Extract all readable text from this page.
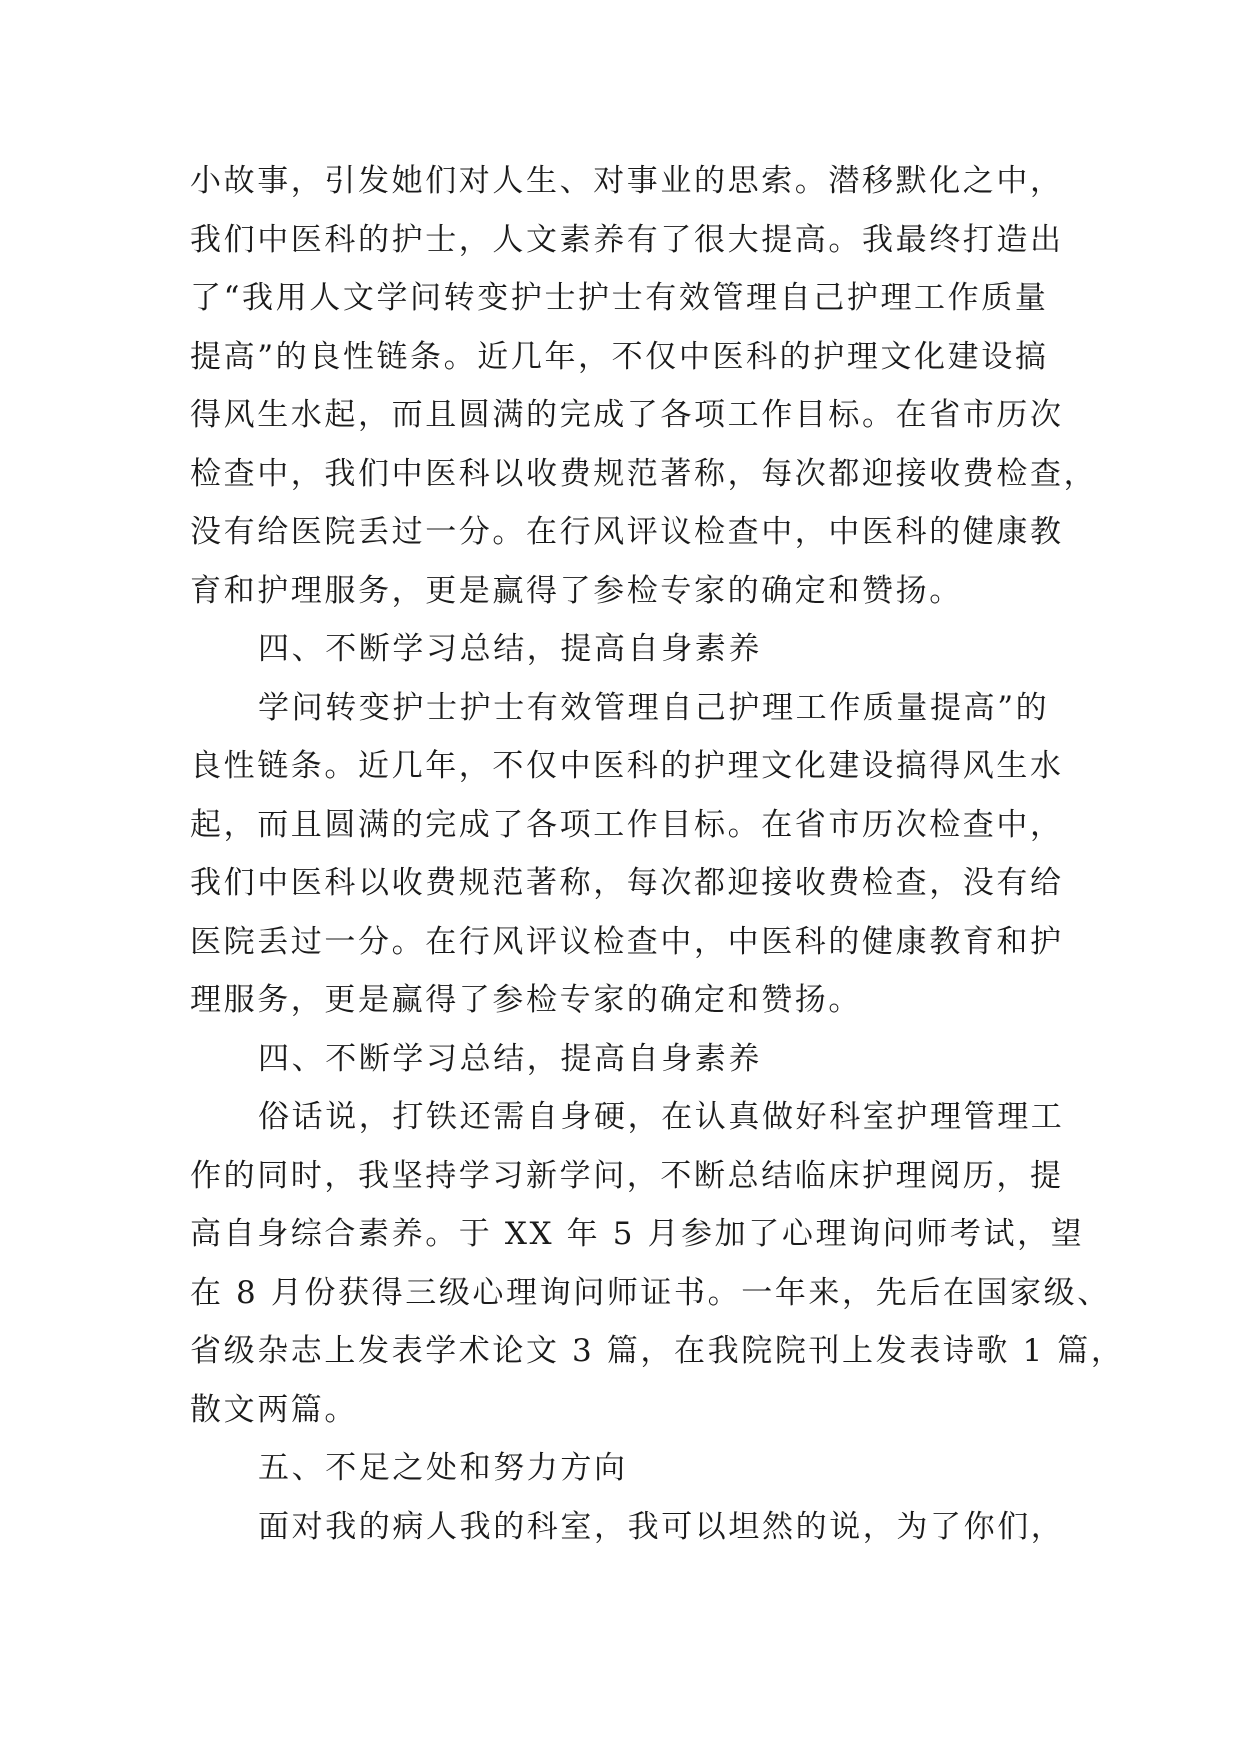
小故事，引发她们对人生、对事业的思索。潜移默化之中，
我们中医科的护士，人文素养有了很大提高。我最终打造出
了“我用人文学问转变护士护士有效管理自己护理工作质量
提高”的良性链条。近几年，不仅中医科的护理文化建设搞
得风生水起，而且圆满的完成了各项工作目标。在省市历次
检查中，我们中医科以收费规范著称，每次都迎接收费检查，
没有给医院丢过一分。在行风评议检查中，中医科的健康教
育和护理服务，更是赢得了参检专家的确定和赞扬。
四、不断学习总结，提高自身素养
学问转变护士护士有效管理自己护理工作质量提高”的
良性链条。近几年，不仅中医科的护理文化建设搞得风生水
起，而且圆满的完成了各项工作目标。在省市历次检查中，
我们中医科以收费规范著称，每次都迎接收费检查，没有给
医院丢过一分。在行风评议检查中，中医科的健康教育和护
理服务，更是赢得了参检专家的确定和赞扬。
四、不断学习总结，提高自身素养
俗话说，打铁还需自身硬，在认真做好科室护理管理工
作的同时，我坚持学习新学问，不断总结临床护理阅历，提
高自身综合素养。于 XX 年 5 月参加了心理询问师考试，望
在 8 月份获得三级心理询问师证书。一年来，先后在国家级、
省级杂志上发表学术论文 3 篇，在我院院刊上发表诗歌 1 篇，
散文两篇。
五、不足之处和努力方向
面对我的病人我的科室，我可以坦然的说，为了你们，
